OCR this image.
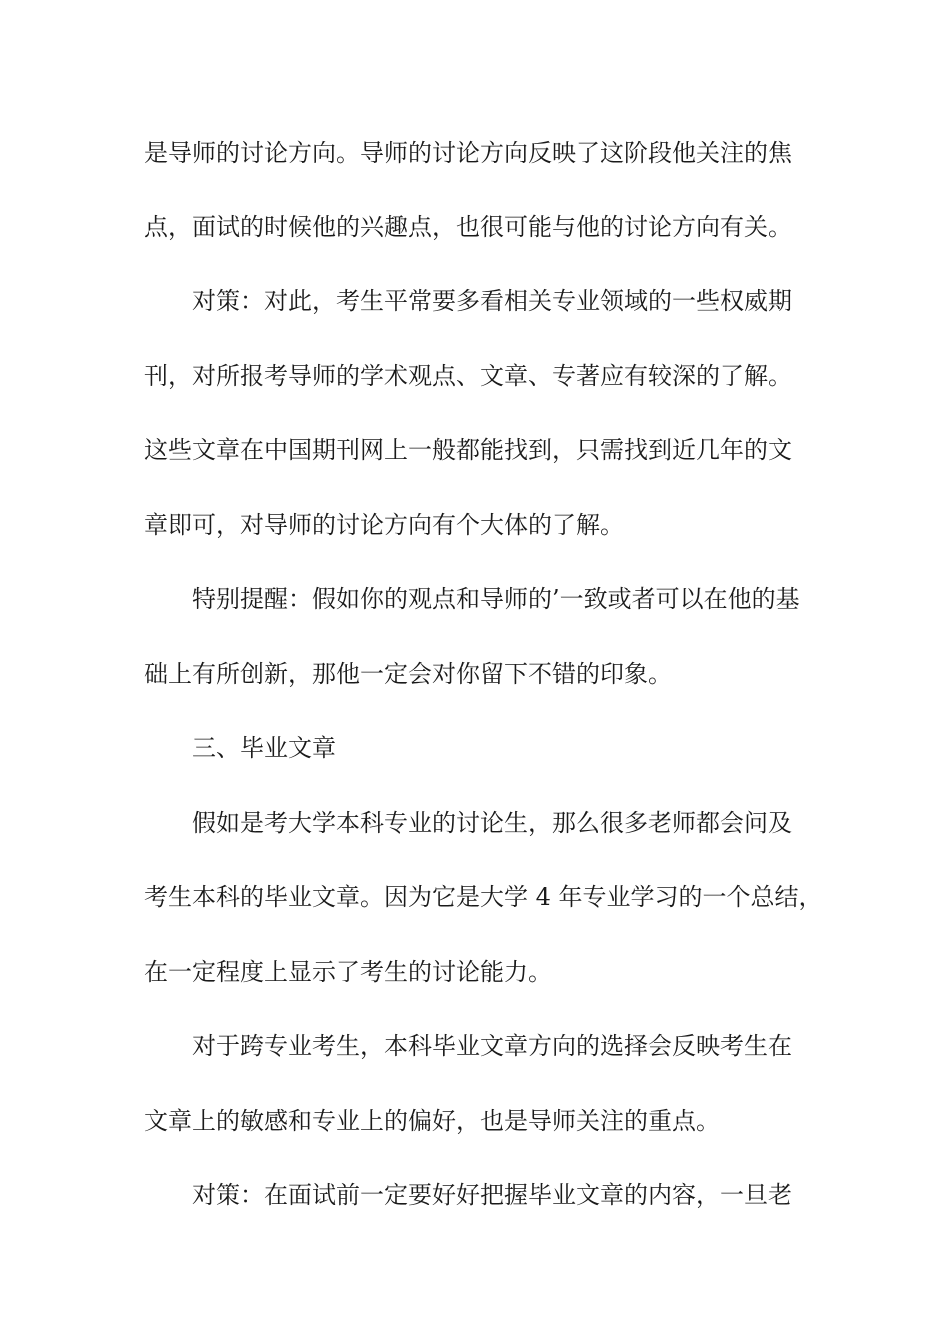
是导师的讨论方向。导师的讨论方向反映了这阶段他关注的焦
点，面试的时候他的兴趣点，也很可能与他的讨论方向有关。
对策：对此，考生平常要多看相关专业领域的一些权威期
刊，对所报考导师的学术观点、文章、专著应有较深的了解。
这些文章在中国期刊网上一般都能找到，只需找到近几年的文
章即可，对导师的讨论方向有个大体的了解。
特别提醒：假如你的观点和导师的’一致或者可以在他的基
础上有所创新，那他一定会对你留下不错的印象。
三、毕业文章
假如是考大学本科专业的讨论生，那么很多老师都会问及
考生本科的毕业文章。因为它是大学 4 年专业学习的一个总结，
在一定程度上显示了考生的讨论能力。
对于跨专业考生，本科毕业文章方向的选择会反映考生在
文章上的敏感和专业上的偏好，也是导师关注的重点。
对策：在面试前一定要好好把握毕业文章的内容，一旦老
